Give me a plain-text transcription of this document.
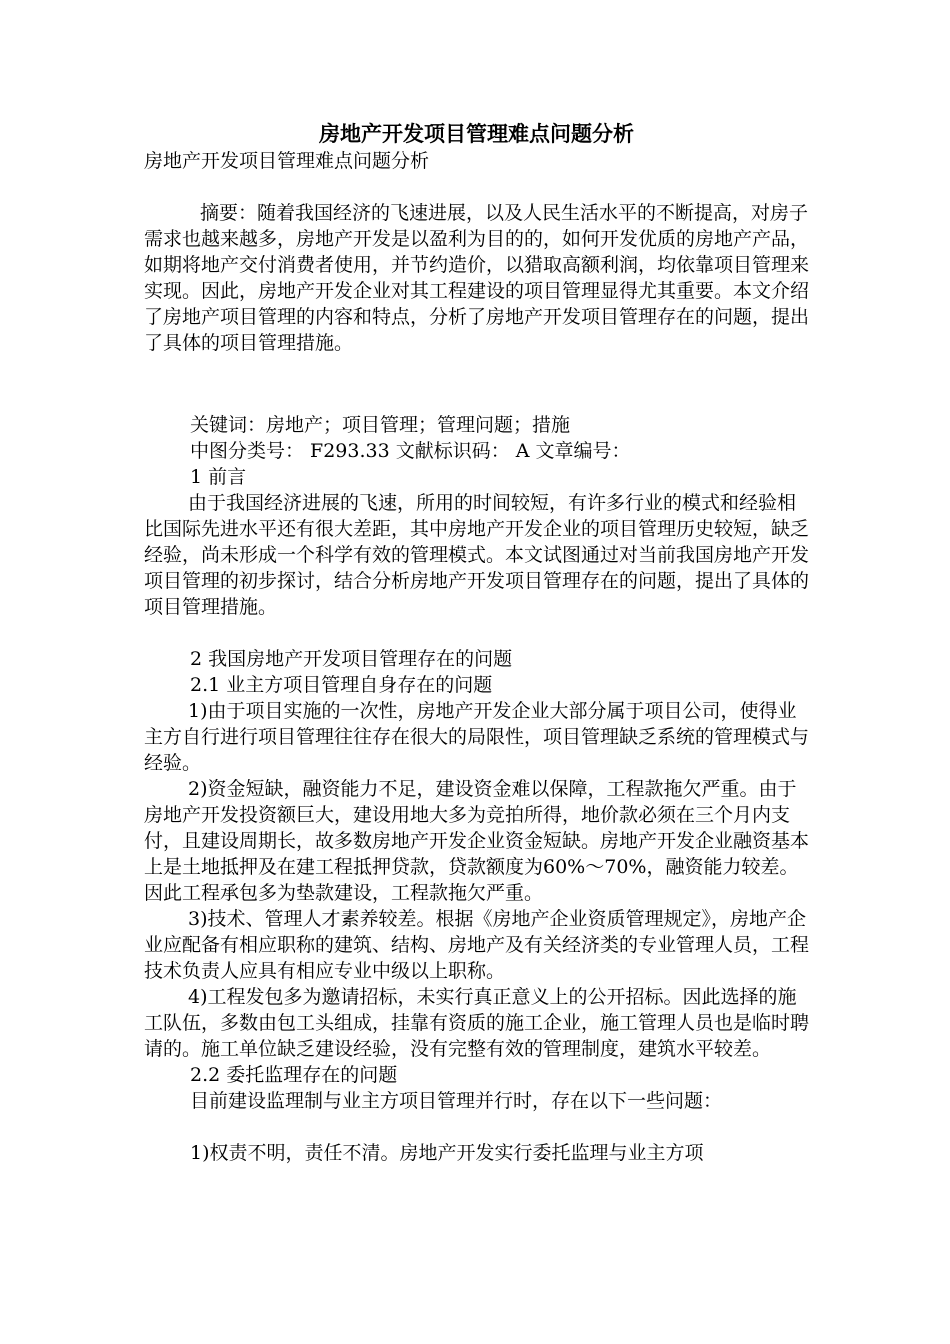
房地产开发项目管理难点问题分析

房地产开发项目管理难点问题分析

摘要：随着我国经济的飞速进展，以及人民生活水平的不断提高，对房子需求也越来越多，房地产开发是以盈利为目的的，如何开发优质的房地产产品，如期将地产交付消费者使用，并节约造价，以猎取高额利润，均依靠项目管理来实现。因此，房地产开发企业对其工程建设的项目管理显得尤其重要。本文介绍了房地产项目管理的内容和特点，分析了房地产开发项目管理存在的问题，提出了具体的项目管理措施。

关键词：房地产；项目管理；管理问题；措施

中图分类号： F293.33 文献标识码： A 文章编号：

1 前言

由于我国经济进展的飞速，所用的时间较短，有许多行业的模式和经验相比国际先进水平还有很大差距，其中房地产开发企业的项目管理历史较短，缺乏经验，尚未形成一个科学有效的管理模式。本文试图通过对当前我国房地产开发项目管理的初步探讨，结合分析房地产开发项目管理存在的问题，提出了具体的项目管理措施。

2 我国房地产开发项目管理存在的问题

2.1 业主方项目管理自身存在的问题

1)由于项目实施的一次性，房地产开发企业大部分属于项目公司，使得业主方自行进行项目管理往往存在很大的局限性，项目管理缺乏系统的管理模式与经验。

2)资金短缺，融资能力不足，建设资金难以保障，工程款拖欠严重。由于房地产开发投资额巨大，建设用地大多为竞拍所得，地价款必须在三个月内支付，且建设周期长，故多数房地产开发企业资金短缺。房地产开发企业融资基本上是土地抵押及在建工程抵押贷款，贷款额度为60%～70%，融资能力较差。因此工程承包多为垫款建设，工程款拖欠严重。

3)技术、管理人才素养较差。根据《房地产企业资质管理规定》，房地产企业应配备有相应职称的建筑、结构、房地产及有关经济类的专业管理人员，工程技术负责人应具有相应专业中级以上职称。

4)工程发包多为邀请招标，未实行真正意义上的公开招标。因此选择的施工队伍，多数由包工头组成，挂靠有资质的施工企业，施工管理人员也是临时聘请的。施工单位缺乏建设经验，没有完整有效的管理制度，建筑水平较差。

2.2 委托监理存在的问题

目前建设监理制与业主方项目管理并行时，存在以下一些问题：

1)权责不明，责任不清。房地产开发实行委托监理与业主方项
